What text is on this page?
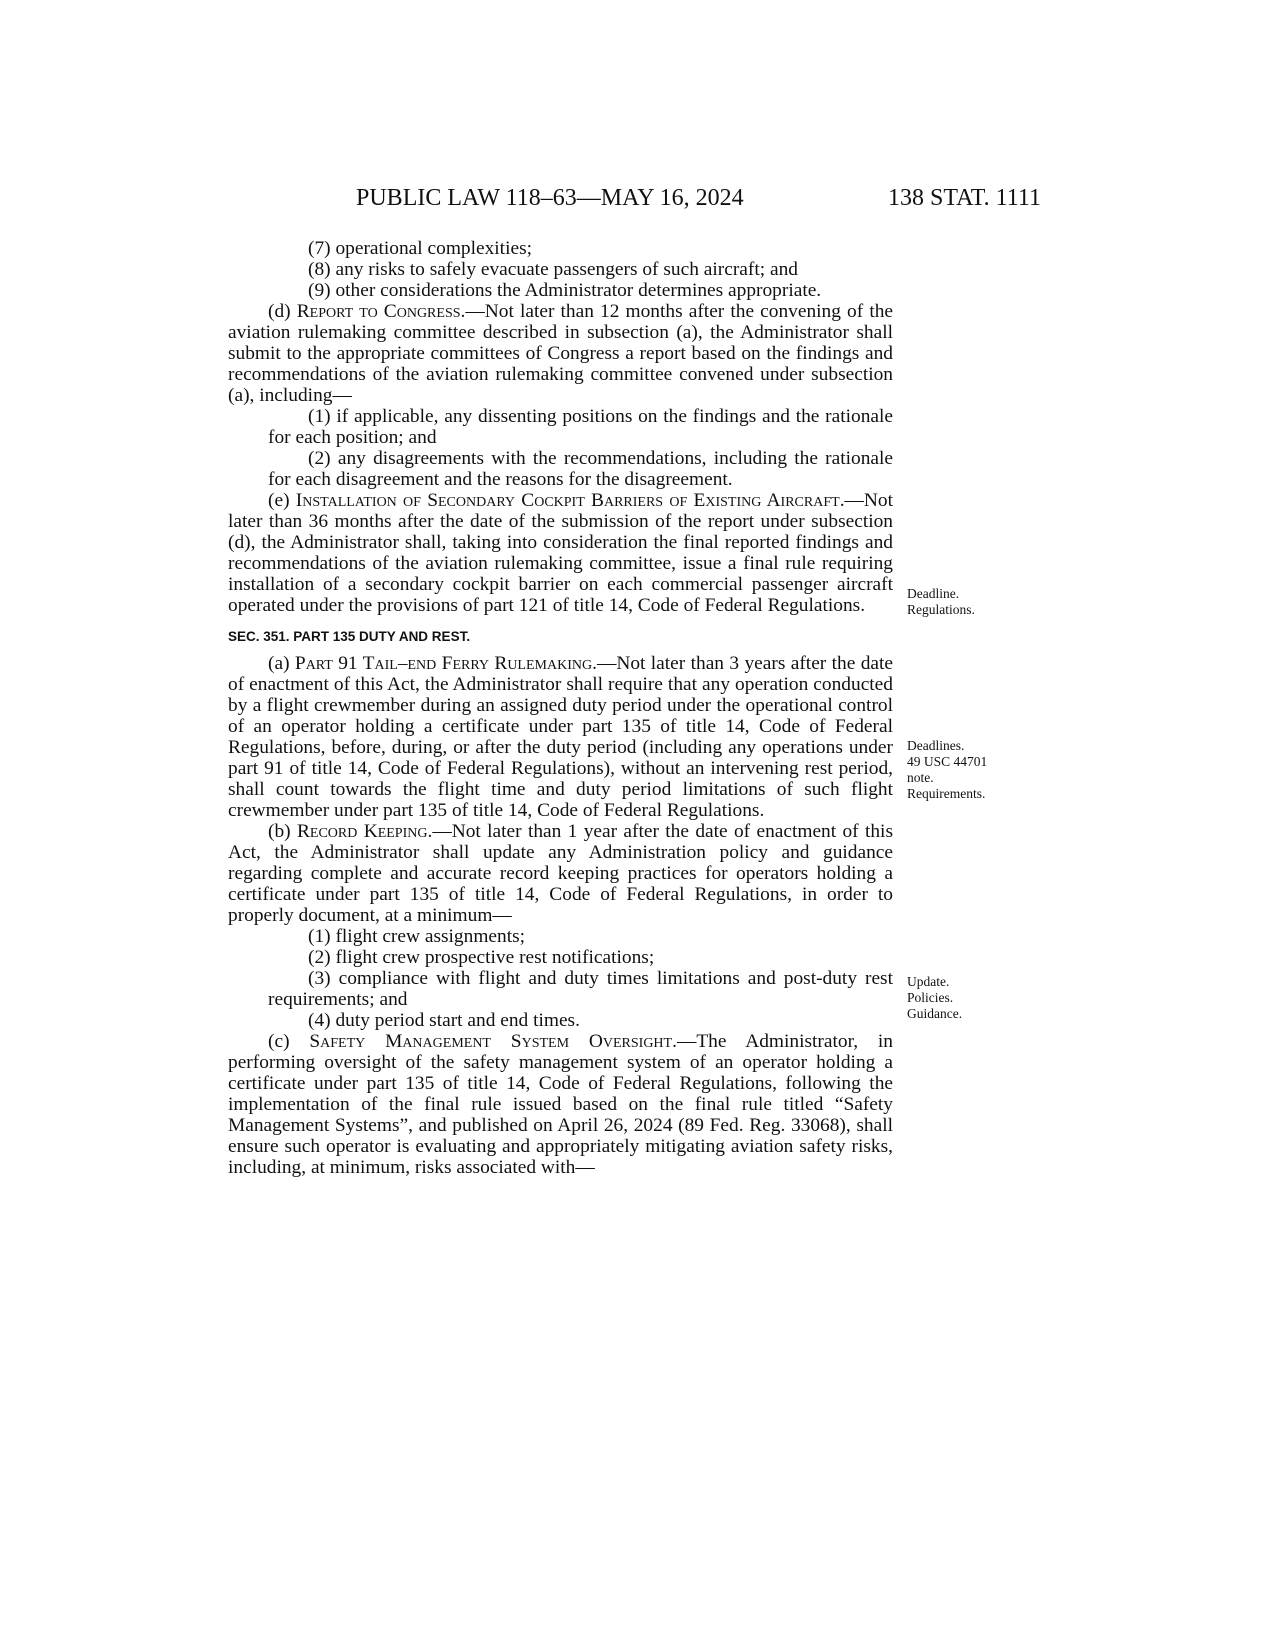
PUBLIC LAW 118–63—MAY 16, 2024	138 STAT. 1111

(7) operational complexities;

(8) any risks to safely evacuate passengers of such aircraft; and

(9) other considerations the Administrator determines appropriate.

(d) Report to Congress.—Not later than 12 months after the convening of the aviation rulemaking committee described in subsection (a), the Administrator shall submit to the appropriate committees of Congress a report based on the findings and recommendations of the aviation rulemaking committee convened under subsection (a), including—

(1) if applicable, any dissenting positions on the findings and the rationale for each position; and

(2) any disagreements with the recommendations, including the rationale for each disagreement and the reasons for the disagreement.

(e) Installation of Secondary Cockpit Barriers of Existing Aircraft.—Not later than 36 months after the date of the submission of the report under subsection (d), the Administrator shall, taking into consideration the final reported findings and recommendations of the aviation rulemaking committee, issue a final rule requiring installation of a secondary cockpit barrier on each commercial passenger aircraft operated under the provisions of part 121 of title 14, Code of Federal Regulations.

SEC. 351. PART 135 DUTY AND REST.

(a) Part 91 Tail–end Ferry Rulemaking.—Not later than 3 years after the date of enactment of this Act, the Administrator shall require that any operation conducted by a flight crewmember during an assigned duty period under the operational control of an operator holding a certificate under part 135 of title 14, Code of Federal Regulations, before, during, or after the duty period (including any operations under part 91 of title 14, Code of Federal Regulations), without an intervening rest period, shall count towards the flight time and duty period limitations of such flight crewmember under part 135 of title 14, Code of Federal Regulations.

(b) Record Keeping.—Not later than 1 year after the date of enactment of this Act, the Administrator shall update any Administration policy and guidance regarding complete and accurate record keeping practices for operators holding a certificate under part 135 of title 14, Code of Federal Regulations, in order to properly document, at a minimum—

(1) flight crew assignments;

(2) flight crew prospective rest notifications;

(3) compliance with flight and duty times limitations and post-duty rest requirements; and

(4) duty period start and end times.

(c) Safety Management System Oversight.—The Administrator, in performing oversight of the safety management system of an operator holding a certificate under part 135 of title 14, Code of Federal Regulations, following the implementation of the final rule issued based on the final rule titled “Safety Management Systems”, and published on April 26, 2024 (89 Fed. Reg. 33068), shall ensure such operator is evaluating and appropriately mitigating aviation safety risks, including, at minimum, risks associated with—

Deadline.
Regulations.
Deadlines.
49 USC 44701
note.
Requirements.
Update.
Policies.
Guidance.
